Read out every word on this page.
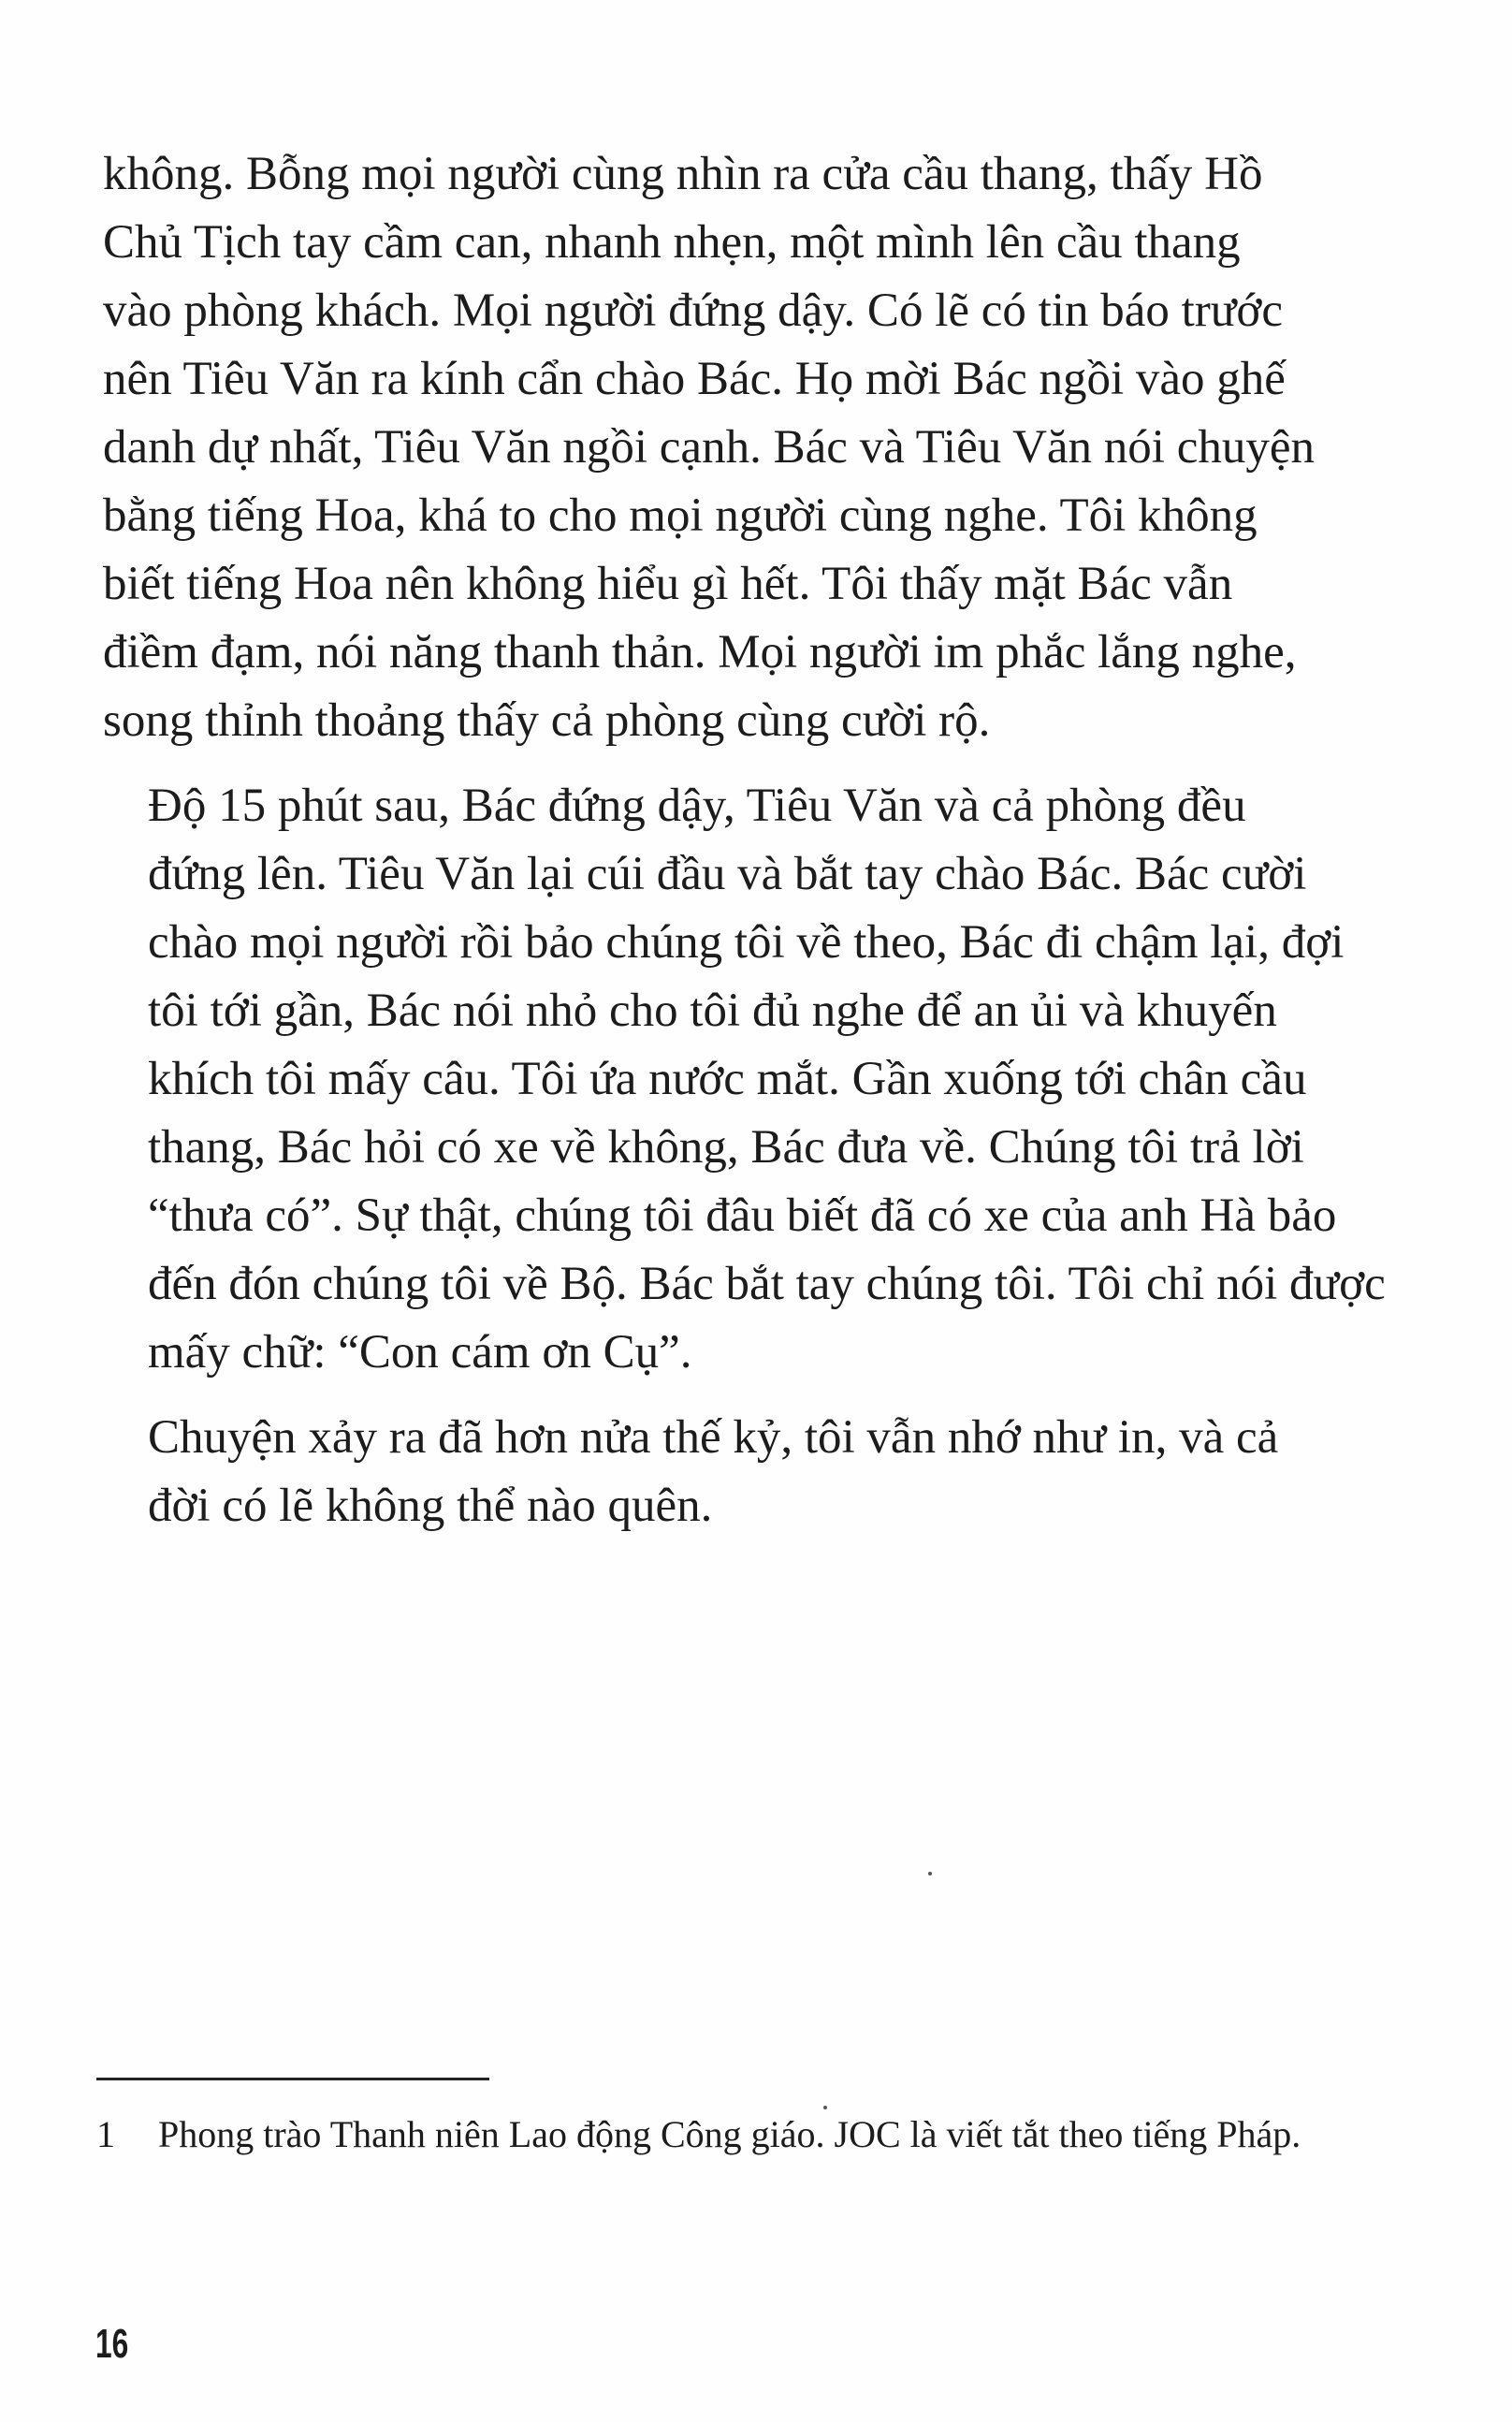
không. Bỗng mọi người cùng nhìn ra cửa cầu thang, thấy Hồ
Chủ Tịch tay cầm can, nhanh nhẹn, một mình lên cầu thang
vào phòng khách. Mọi người đứng dậy. Có lẽ có tin báo trước
nên Tiêu Văn ra kính cẩn chào Bác. Họ mời Bác ngồi vào ghế
danh dự nhất, Tiêu Văn ngồi cạnh. Bác và Tiêu Văn nói chuyện
bằng tiếng Hoa, khá to cho mọi người cùng nghe. Tôi không
biết tiếng Hoa nên không hiểu gì hết. Tôi thấy mặt Bác vẫn
điềm đạm, nói năng thanh thản. Mọi người im phắc lắng nghe,
song thỉnh thoảng thấy cả phòng cùng cười rộ.

Độ 15 phút sau, Bác đứng dậy, Tiêu Văn và cả phòng đều
đứng lên. Tiêu Văn lại cúi đầu và bắt tay chào Bác. Bác cười
chào mọi người rồi bảo chúng tôi về theo, Bác đi chậm lại, đợi
tôi tới gần, Bác nói nhỏ cho tôi đủ nghe để an ủi và khuyến
khích tôi mấy câu. Tôi ứa nước mắt. Gần xuống tới chân cầu
thang, Bác hỏi có xe về không, Bác đưa về. Chúng tôi trả lời
“thưa có”. Sự thật, chúng tôi đâu biết đã có xe của anh Hà bảo
đến đón chúng tôi về Bộ. Bác bắt tay chúng tôi. Tôi chỉ nói được
mấy chữ: “Con cám ơn Cụ”.

Chuyện xảy ra đã hơn nửa thế kỷ, tôi vẫn nhớ như in, và cả
đời có lẽ không thể nào quên.

1 Phong trào Thanh niên Lao động Công giáo. JOC là viết tắt theo tiếng Pháp.
16
